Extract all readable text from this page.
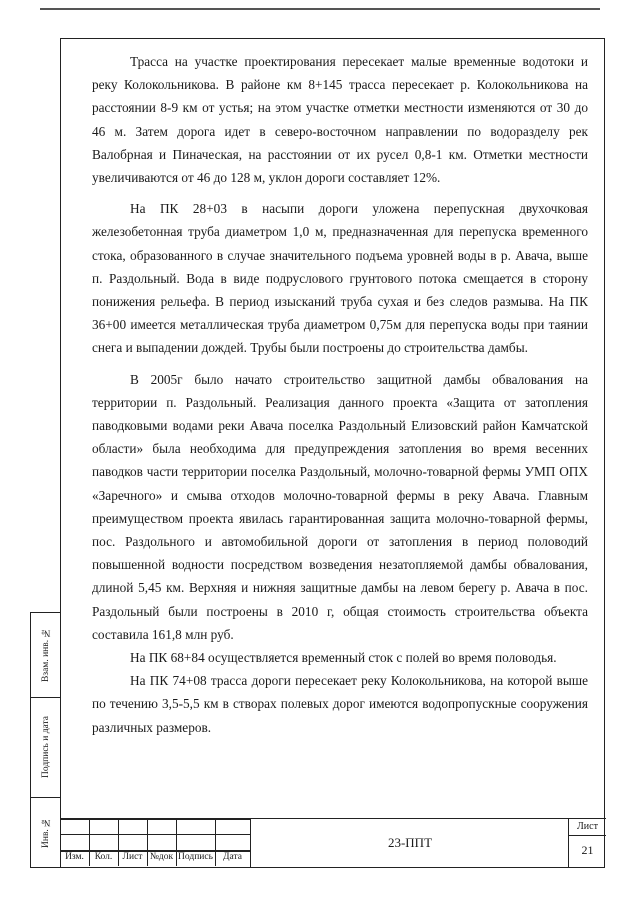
Взам. инв. №
Подпись и дата
Инв. №

Трасса на участке проектирования пересекает малые временные водотоки и реку Колокольникова. В районе км 8+145 трасса пересекает р. Колокольникова на расстоянии 8-9 км от устья; на этом участке отметки местности изменяются от 30 до 46 м. Затем дорога идет в северо-восточном направлении по водоразделу рек Валобрная и Пиначеская, на расстоянии от их русел 0,8-1 км. Отметки местности увеличиваются от 46 до 128 м, уклон дороги составляет 12%.

На ПК 28+03 в насыпи дороги уложена перепускная двухочковая железобетонная труба диаметром 1,0 м, предназначенная для перепуска временного стока, образованного в случае значительного подъема уровней воды в р. Авача, выше п. Раздольный. Вода в виде подруслового грунтового потока смещается в сторону понижения рельефа. В период изысканий труба сухая и без следов размыва. На ПК 36+00 имеется металлическая труба диаметром 0,75м для перепуска воды при таянии снега и выпадении дождей. Трубы были построены до строительства дамбы.

В 2005г было начато строительство защитной дамбы обвалования на территории п. Раздольный. Реализация данного проекта «Защита от затопления паводковыми водами реки Авача поселка Раздольный Елизовский район Камчатской области» была необходима для предупреждения затопления во время весенних паводков части территории поселка Раздольный, молочно-товарной фермы УМП ОПХ «Заречного» и смыва отходов молочно-товарной фермы в реку Авача. Главным преимуществом проекта явилась гарантированная защита молочно-товарной фермы, пос. Раздольного и автомобильной дороги от затопления в период половодий повышенной водности посредством возведения незатопляемой дамбы обвалования, длиной 5,45 км. Верхняя и нижняя защитные дамбы на левом берегу р. Авача в пос. Раздольный были построены в 2010 г, общая стоимость строительства объекта составила 161,8 млн руб.

На ПК 68+84 осуществляется временный сток с полей во время половодья.

На ПК 74+08 трасса дороги пересекает реку Колокольникова, на которой выше по течению 3,5-5,5 км в створах полевых дорог имеются водопропускные сооружения различных размеров.

Изм.	Кол.	Лист №док Подпись	Дата
23-ППТ
Лист
21
